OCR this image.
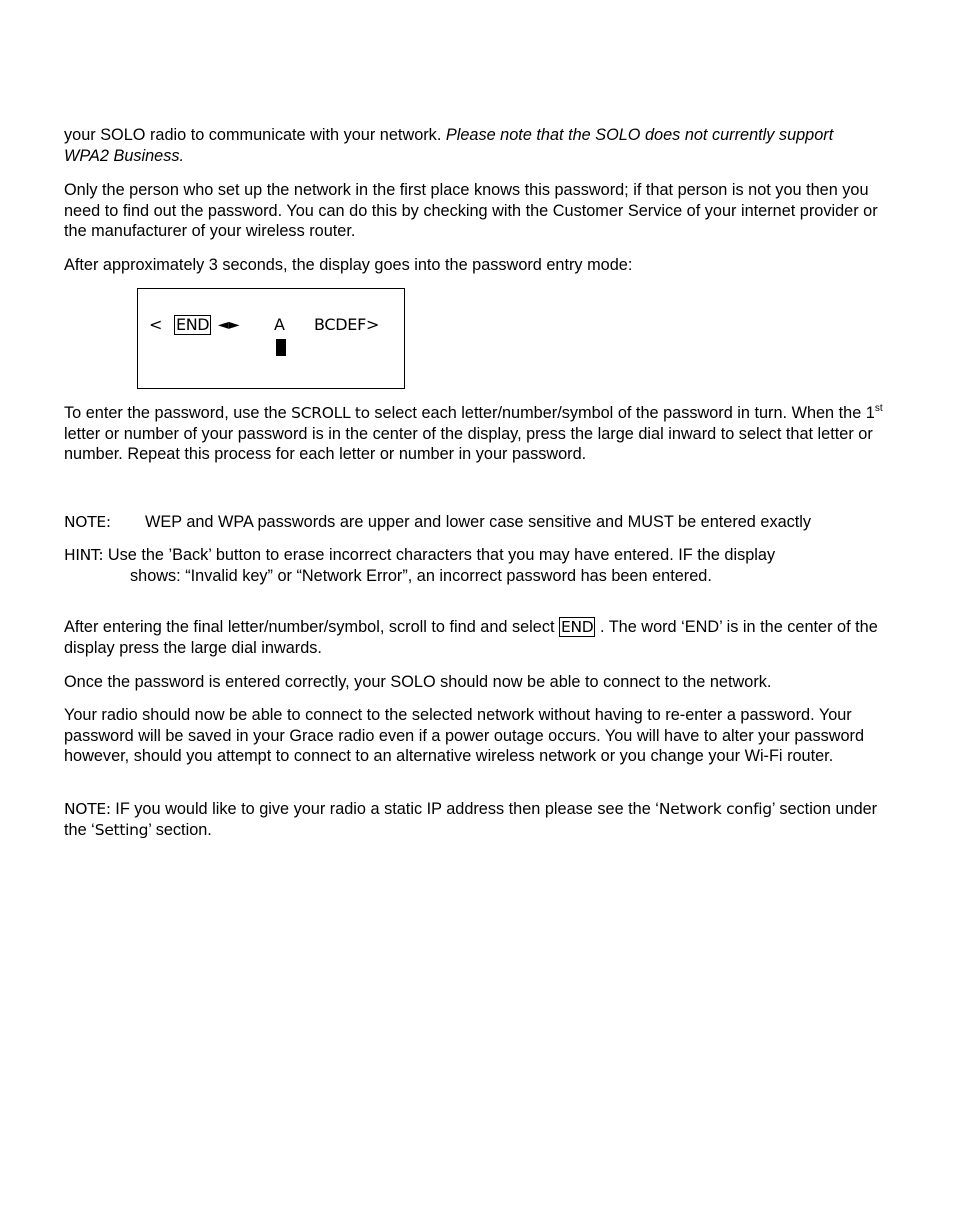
your SOLO radio to communicate with your network. Please note that the SOLO does not currently support WPA2 Business.

Only the person who set up the network in the first place knows this password; if that person is not you then you need to find out the password. You can do this by checking with the Customer Service of your internet provider or the manufacturer of your wireless router.

After approximately 3 seconds, the display goes into the password entry mode:

To enter the password, use the SCROLL to select each letter/number/symbol of the password in turn. When the 1st letter or number of your password is in the center of the display, press the large dial inward to select that letter or number. Repeat this process for each letter or number in your password.

NOTE: WEP and WPA passwords are upper and lower case sensitive and MUST be entered exactly

HINT: Use the ’Back’ button to erase incorrect characters that you may have entered. IF the display

shows: “Invalid key” or “Network Error”, an incorrect password has been entered.

After entering the final letter/number/symbol, scroll to find and select END . The word ‘END’ is in the center of the display press the large dial inwards.

Once the password is entered correctly, your SOLO should now be able to connect to the network.

Your radio should now be able to connect to the selected network without having to re-enter a password. Your password will be saved in your Grace radio even if a power outage occurs. You will have to alter your password however, should you attempt to connect to an alternative wireless network or you change your Wi-Fi router.

NOTE: IF you would like to give your radio a static IP address then please see the ‘Network config’ section under the ‘Setting’ section.

< END ◄► A BCDEF>
